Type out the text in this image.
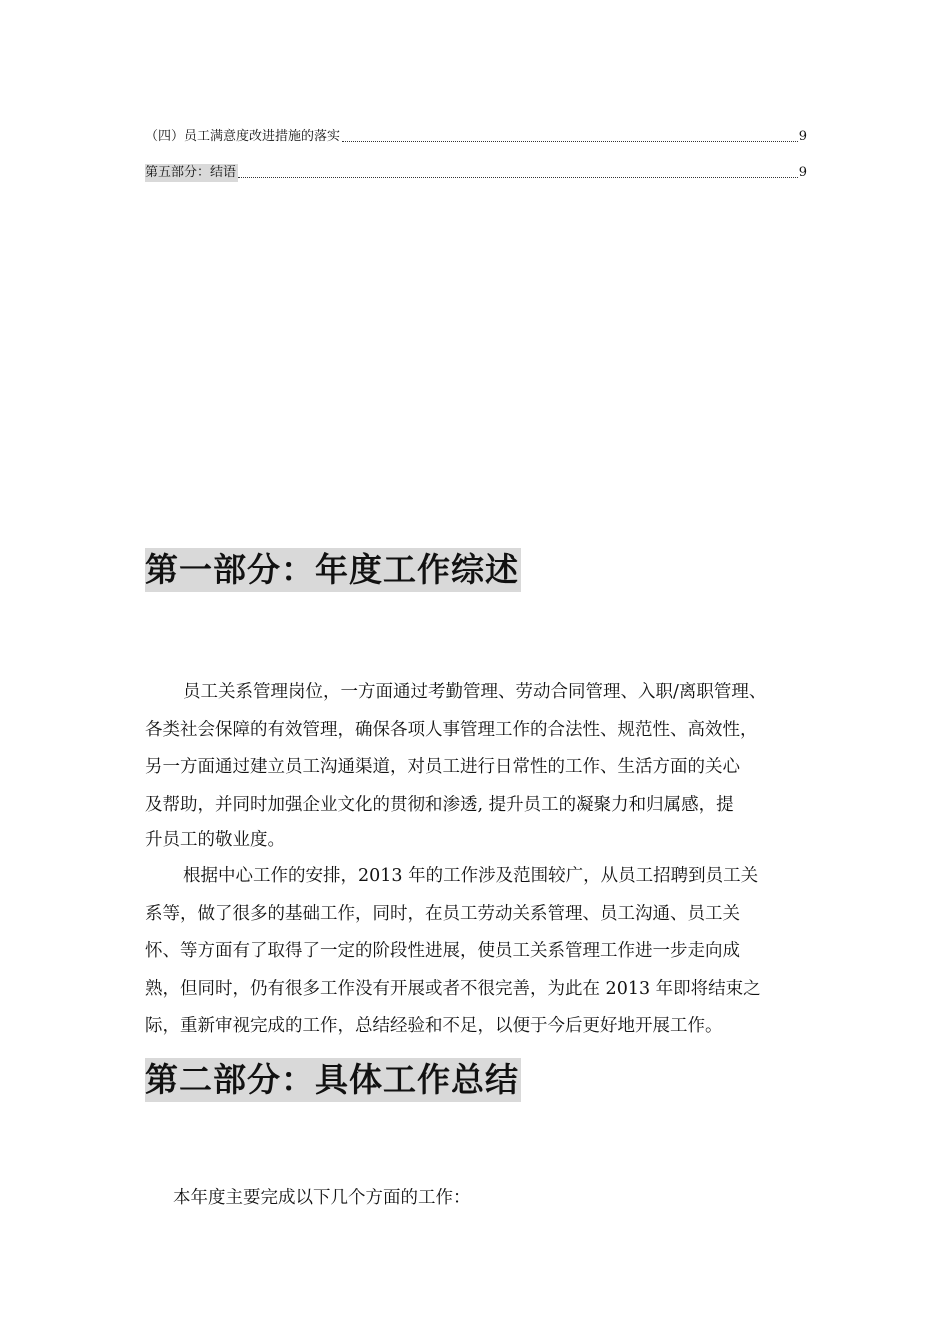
（四）员工满意度改进措施的落实	9
第五部分：结语	9
第一部分：年度工作综述
员工关系管理岗位，一方面通过考勤管理、劳动合同管理、入职/离职管理、
各类社会保障的有效管理，确保各项人事管理工作的合法性、规范性、高效性，
另一方面通过建立员工沟通渠道，对员工进行日常性的工作、生活方面的关心
及帮助，并同时加强企业文化的贯彻和渗透, 提升员工的凝聚力和归属感，提
升员工的敬业度。
根据中心工作的安排，2013 年的工作涉及范围较广，从员工招聘到员工关
系等，做了很多的基础工作，同时，在员工劳动关系管理、员工沟通、员工关
怀、等方面有了取得了一定的阶段性进展，使员工关系管理工作进一步走向成
熟，但同时，仍有很多工作没有开展或者不很完善，为此在 2013 年即将结束之
际，重新审视完成的工作，总结经验和不足，以便于今后更好地开展工作。
第二部分：具体工作总结
本年度主要完成以下几个方面的工作：
